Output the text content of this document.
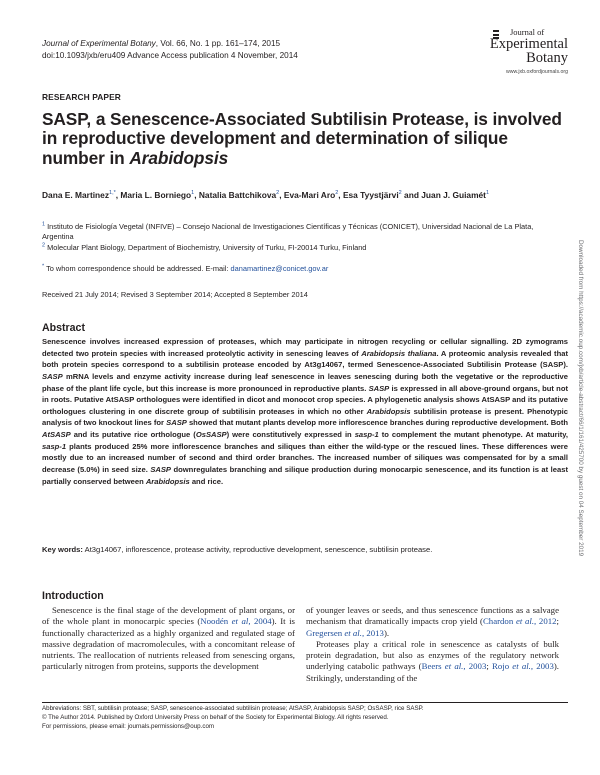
Journal of Experimental Botany, Vol. 66, No. 1 pp. 161–174, 2015
doi:10.1093/jxb/eru409 Advance Access publication 4 November, 2014
Journal of
Experimental
Botany
www.jxb.oxfordjournals.org
RESEARCH PAPER
SASP, a Senescence-Associated Subtilisin Protease, is involved in reproductive development and determination of silique number in Arabidopsis
Dana E. Martinez$^{1,*}$, Maria L. Borniego$^1$, Natalia Battchikova$^2$, Eva-Mari Aro$^2$, Esa Tyystjärvi$^2$ and Juan J. Guiamét$^1$
$^1$ Instituto de Fisiología Vegetal (INFIVE) – Consejo Nacional de Investigaciones Científicas y Técnicas (CONICET), Universidad Nacional de La Plata, Argentina
$^2$ Molecular Plant Biology, Department of Biochemistry, University of Turku, FI-20014 Turku, Finland
* To whom correspondence should be addressed. E-mail: danamartinez@conicet.gov.ar
Received 21 July 2014; Revised 3 September 2014; Accepted 8 September 2014
Abstract
Senescence involves increased expression of proteases, which may participate in nitrogen recycling or cellular signalling. 2D zymograms detected two protein species with increased proteolytic activity in senescing leaves of Arabidopsis thaliana. A proteomic analysis revealed that both protein species correspond to a subtilisin protease encoded by At3g14067, termed Senescence-Associated Subtilisin Protease (SASP). SASP mRNA levels and enzyme activity increase during leaf senescence in leaves senescing during both the vegetative or the reproductive phase of the plant life cycle, but this increase is more pronounced in reproductive plants. SASP is expressed in all above-ground organs, but not in roots. Putative AtSASP orthologues were identified in dicot and monocot crop species. A phylogenetic analysis shows AtSASP and its putative orthologues clustering in one discrete group of subtilisin proteases in which no other Arabidopsis subtilisin protease is present. Phenotypic analysis of two knockout lines for SASP showed that mutant plants develop more inflorescence branches during reproductive development. Both AtSASP and its putative rice orthologue (OsSASP) were constitutively expressed in sasp-1 to complement the mutant phenotype. At maturity, sasp-1 plants produced 25% more inflorescence branches and siliques than either the wild-type or the rescued lines. These differences were mostly due to an increased number of second and third order branches. The increased number of siliques was compensated for by a small decrease (5.0%) in seed size. SASP downregulates branching and silique production during monocarpic senescence, and its function is at least partially conserved between Arabidopsis and rice.
Key words: At3g14067, inflorescence, protease activity, reproductive development, senescence, subtilisin protease.
Introduction
Senescence is the final stage of the development of plant organs, or of the whole plant in monocarpic species (Noodén et al, 2004). It is functionally characterized as a highly organized and regulated stage of massive degradation of macromolecules, with a concomitant release of nutrients. The reallocation of nutrients released from senescing organs, particularly nitrogen from proteins, supports the development
of younger leaves or seeds, and thus senescence functions as a salvage mechanism that dramatically impacts crop yield (Chardon et al., 2012; Gregersen et al., 2013).
Proteases play a critical role in senescence as catalysts of bulk protein degradation, but also as enzymes of the regulatory network underlying catabolic pathways (Beers et al., 2003; Rojo et al., 2003). Strikingly, understanding of the
Abbreviations: SBT, subtilisin protease; SASP, senescence-associated subtilisin protease; AtSASP, Arabidopsis SASP; OsSASP, rice SASP.
© The Author 2014. Published by Oxford University Press on behalf of the Society for Experimental Biology. All rights reserved.
For permissions, please email: journals.permissions@oup.com
Downloaded from https://academic.oup.com/jxb/article-abstract/66/1/161/425700 by guest on 04 September 2019
